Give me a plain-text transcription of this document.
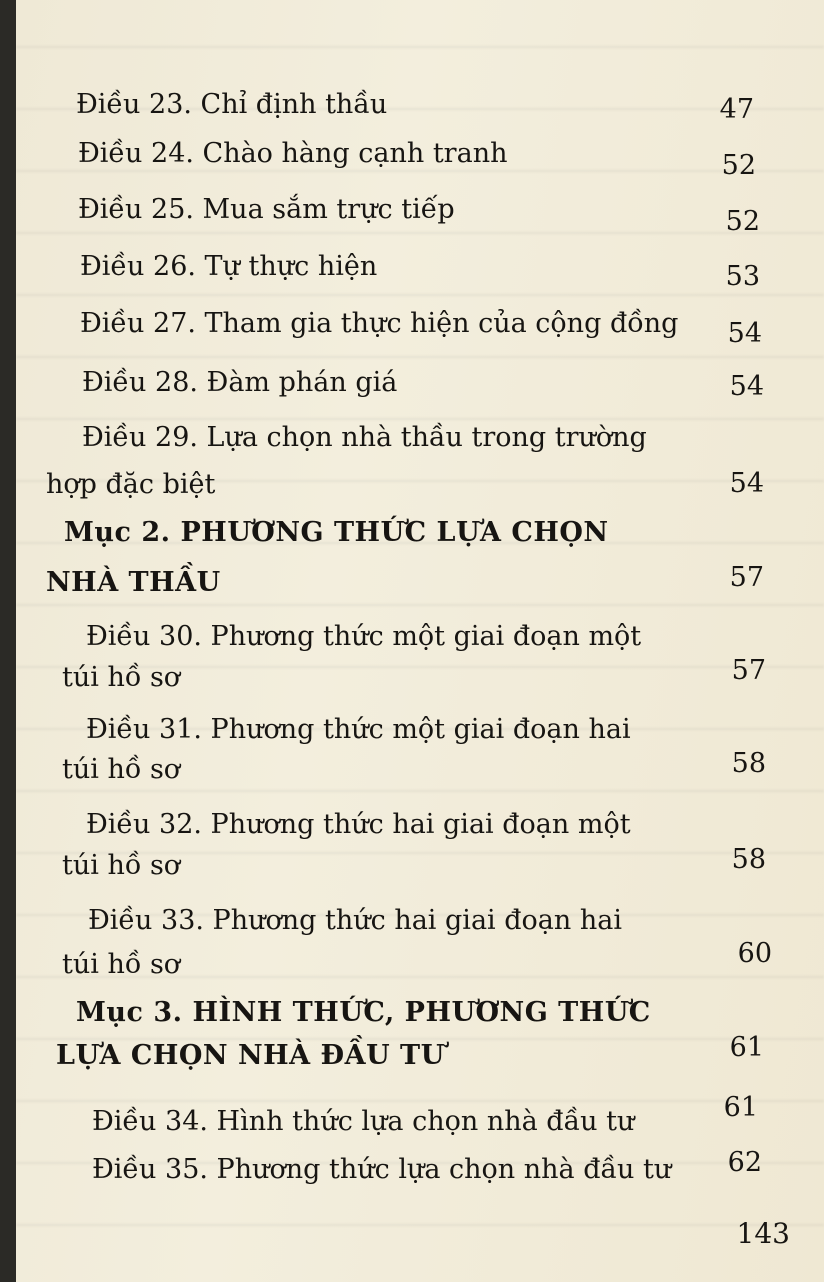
Điều 23. Chỉ định thầu	47
Điều 24. Chào hàng cạnh tranh	52
Điều 25. Mua sắm trực tiếp	52
Điều 26. Tự thực hiện	53
Điều 27. Tham gia thực hiện của cộng đồng	54
Điều 28. Đàm phán giá	54
Điều 29. Lựa chọn nhà thầu trong trường
hợp đặc biệt	54
Mục 2. PHƯƠNG THỨC LỰA CHỌN
NHÀ THẦU	57
Điều 30. Phương thức một giai đoạn một
túi hồ sơ	57
Điều 31. Phương thức một giai đoạn hai
túi hồ sơ	58
Điều 32. Phương thức hai giai đoạn một
túi hồ sơ	58
Điều 33. Phương thức hai giai đoạn hai
túi hồ sơ	60
Mục 3. HÌNH THỨC, PHƯƠNG THỨC
LỰA CHỌN NHÀ ĐẦU TƯ	61
Điều 34. Hình thức lựa chọn nhà đầu tư	61
Điều 35. Phương thức lựa chọn nhà đầu tư	62
143
